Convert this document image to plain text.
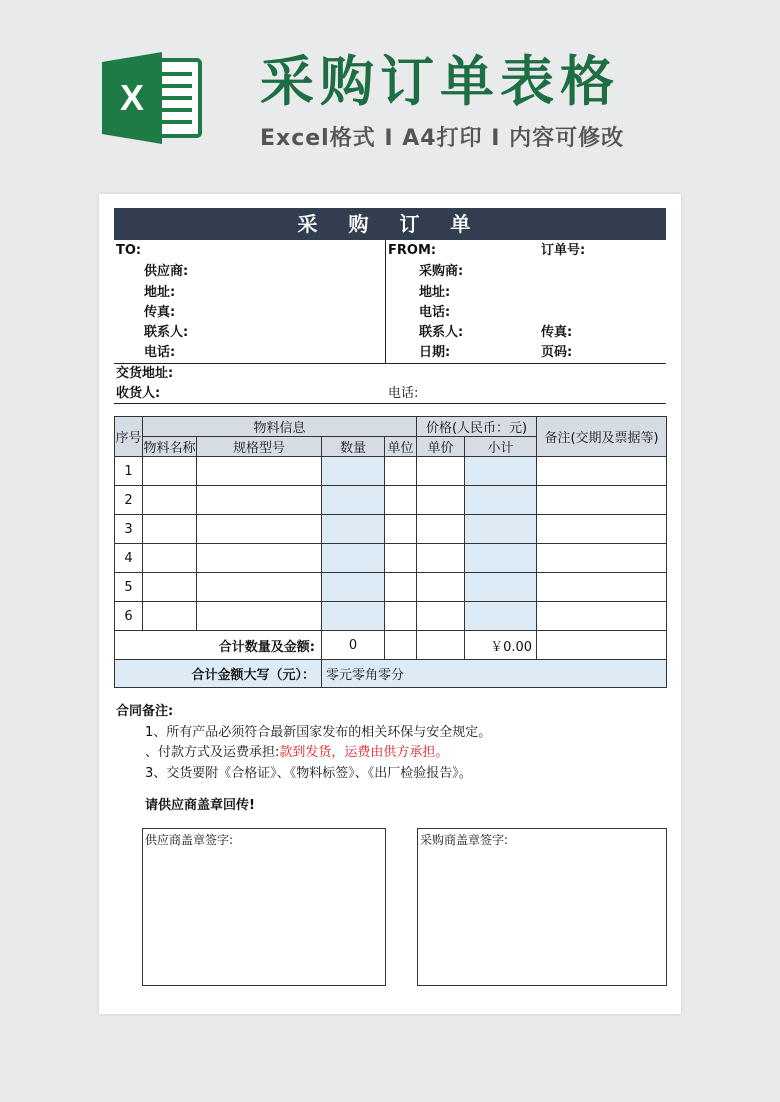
X 采购订单表格
Excel格式 I A4打印 I 内容可修改
采 购 订 单
TO:
供应商:
地址:
传真:
联系人:
电话:
FROM:	订单号:
采购商:
地址:
电话:
联系人:	传真:
日期:	页码:
交货地址:
收货人:	电话:
序号	物料信息				价格(人民币：元)		备注(交期及票据等)
	物料名称	规格型号	数量	单位	单价	小计	
1							
2							
3							
4							
5							
6							
合计数量及金额:			0			￥0.00	
合计金额大写（元）：			零元零角零分				
合同备注:
1、所有产品必须符合最新国家发布的相关环保与安全规定。
、付款方式及运费承担:款到发货，运费由供方承担。
3、交货要附《合格证》、《物料标签》、《出厂检验报告》。
请供应商盖章回传!
供应商盖章签字:	采购商盖章签字:
